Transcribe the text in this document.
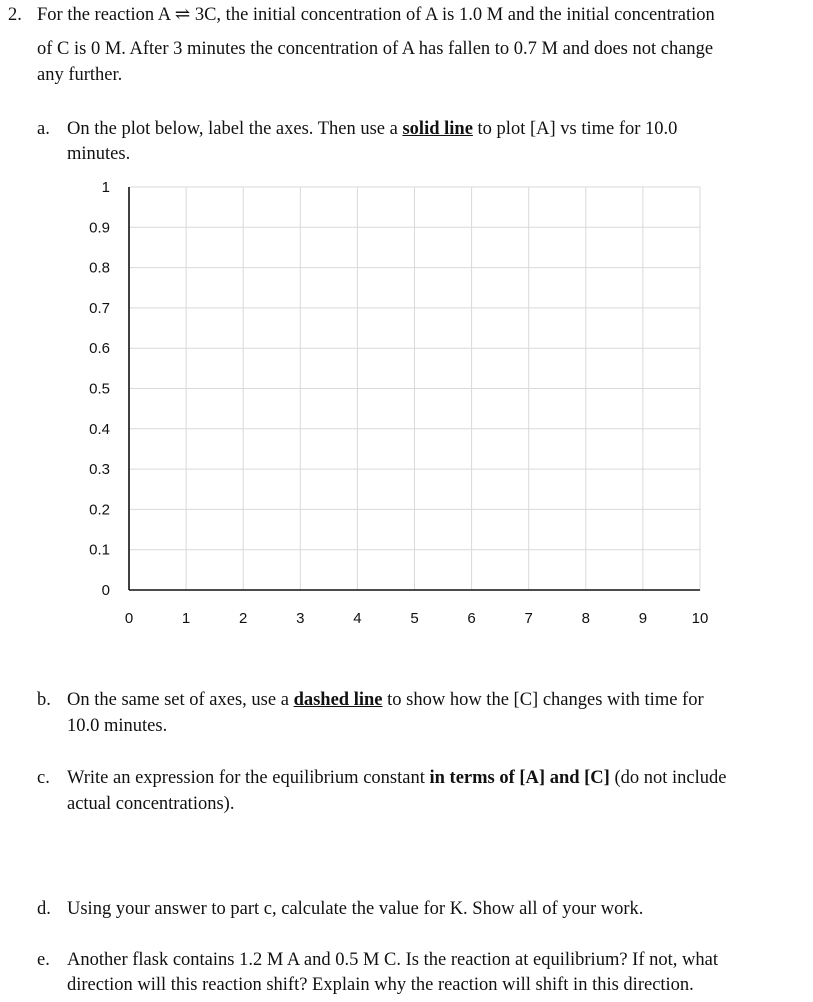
2. For the reaction A ⇌ 3C, the initial concentration of A is 1.0 M and the initial concentration
of C is 0 M. After 3 minutes the concentration of A has fallen to 0.7 M and does not change
any further.
a. On the plot below, label the axes. Then use a solid line to plot [A] vs time for 10.0
minutes.
0
0.1
0.2
0.3
0.4
0.5
0.6
0.7
0.8
0.9
1
0	1	2	3	4	5	6	7	8	9	10
b. On the same set of axes, use a dashed line to show how the [C] changes with time for
10.0 minutes.
c. Write an expression for the equilibrium constant in terms of [A] and [C] (do not include
actual concentrations).
d. Using your answer to part c, calculate the value for K. Show all of your work.
e. Another flask contains 1.2 M A and 0.5 M C. Is the reaction at equilibrium? If not, what
direction will this reaction shift? Explain why the reaction will shift in this direction.
